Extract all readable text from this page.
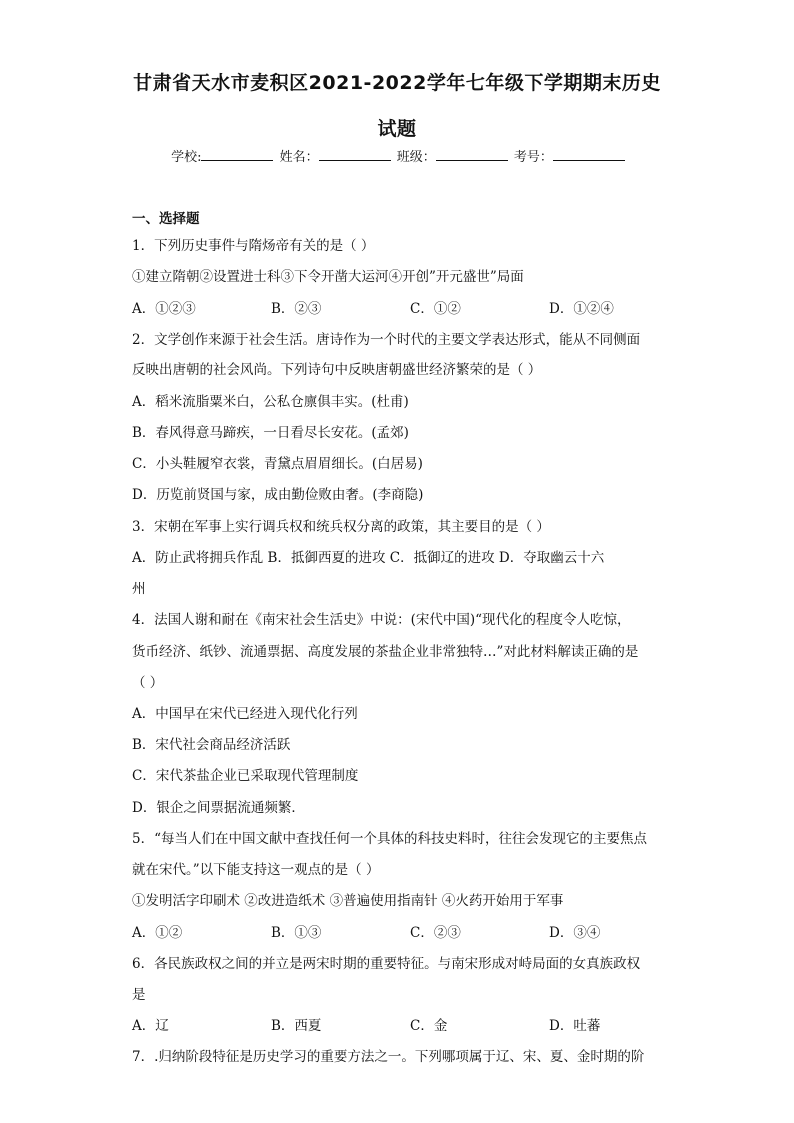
甘肃省天水市麦积区2021-2022学年七年级下学期期末历史
试题
学校:	姓名：	班级：	考号：
一、选择题
1．下列历史事件与隋炀帝有关的是（ ）
①建立隋朝②设置进士科③下令开凿大运河④开创”开元盛世”局面
A．①②③	B．②③	C．①②	D．①②④
2．文学创作来源于社会生活。唐诗作为一个时代的主要文学表达形式，能从不同侧面
反映出唐朝的社会风尚。下列诗句中反映唐朝盛世经济繁荣的是（ ）
A．稻米流脂粟米白，公私仓廪俱丰实。(杜甫)
B．春风得意马蹄疾，一日看尽长安花。(孟郊)
C．小头鞋履窄衣裳，青黛点眉眉细长。(白居易)
D．历览前贤国与家，成由勤俭败由奢。(李商隐)
3．宋朝在军事上实行调兵权和统兵权分离的政策，其主要目的是（ ）
A．防止武将拥兵作乱 B．抵御西夏的进攻 C．抵御辽的进攻 D．夺取幽云十六
州
4．法国人谢和耐在《南宋社会生活史》中说：(宋代中国)“现代化的程度令人吃惊，
货币经济、纸钞、流通票据、高度发展的茶盐企业非常独特…”对此材料解读正确的是
（ ）
A．中国早在宋代已经进入现代化行列
B．宋代社会商品经济活跃
C．宋代茶盐企业已采取现代管理制度
D．银企之间票据流通频繁．
5．“每当人们在中国文献中查找任何一个具体的科技史料时，往往会发现它的主要焦点
就在宋代。”以下能支持这一观点的是（ ）
①发明活字印刷术 ②改进造纸术 ③普遍使用指南针 ④火药开始用于军事
A．①②	B．①③	C．②③	D．③④
6．各民族政权之间的并立是两宋时期的重要特征。与南宋形成对峙局面的女真族政权
是
A．辽	B．西夏	C．金	D．吐蕃
7．.归纳阶段特征是历史学习的重要方法之一。下列哪项属于辽、宋、夏、金时期的阶
